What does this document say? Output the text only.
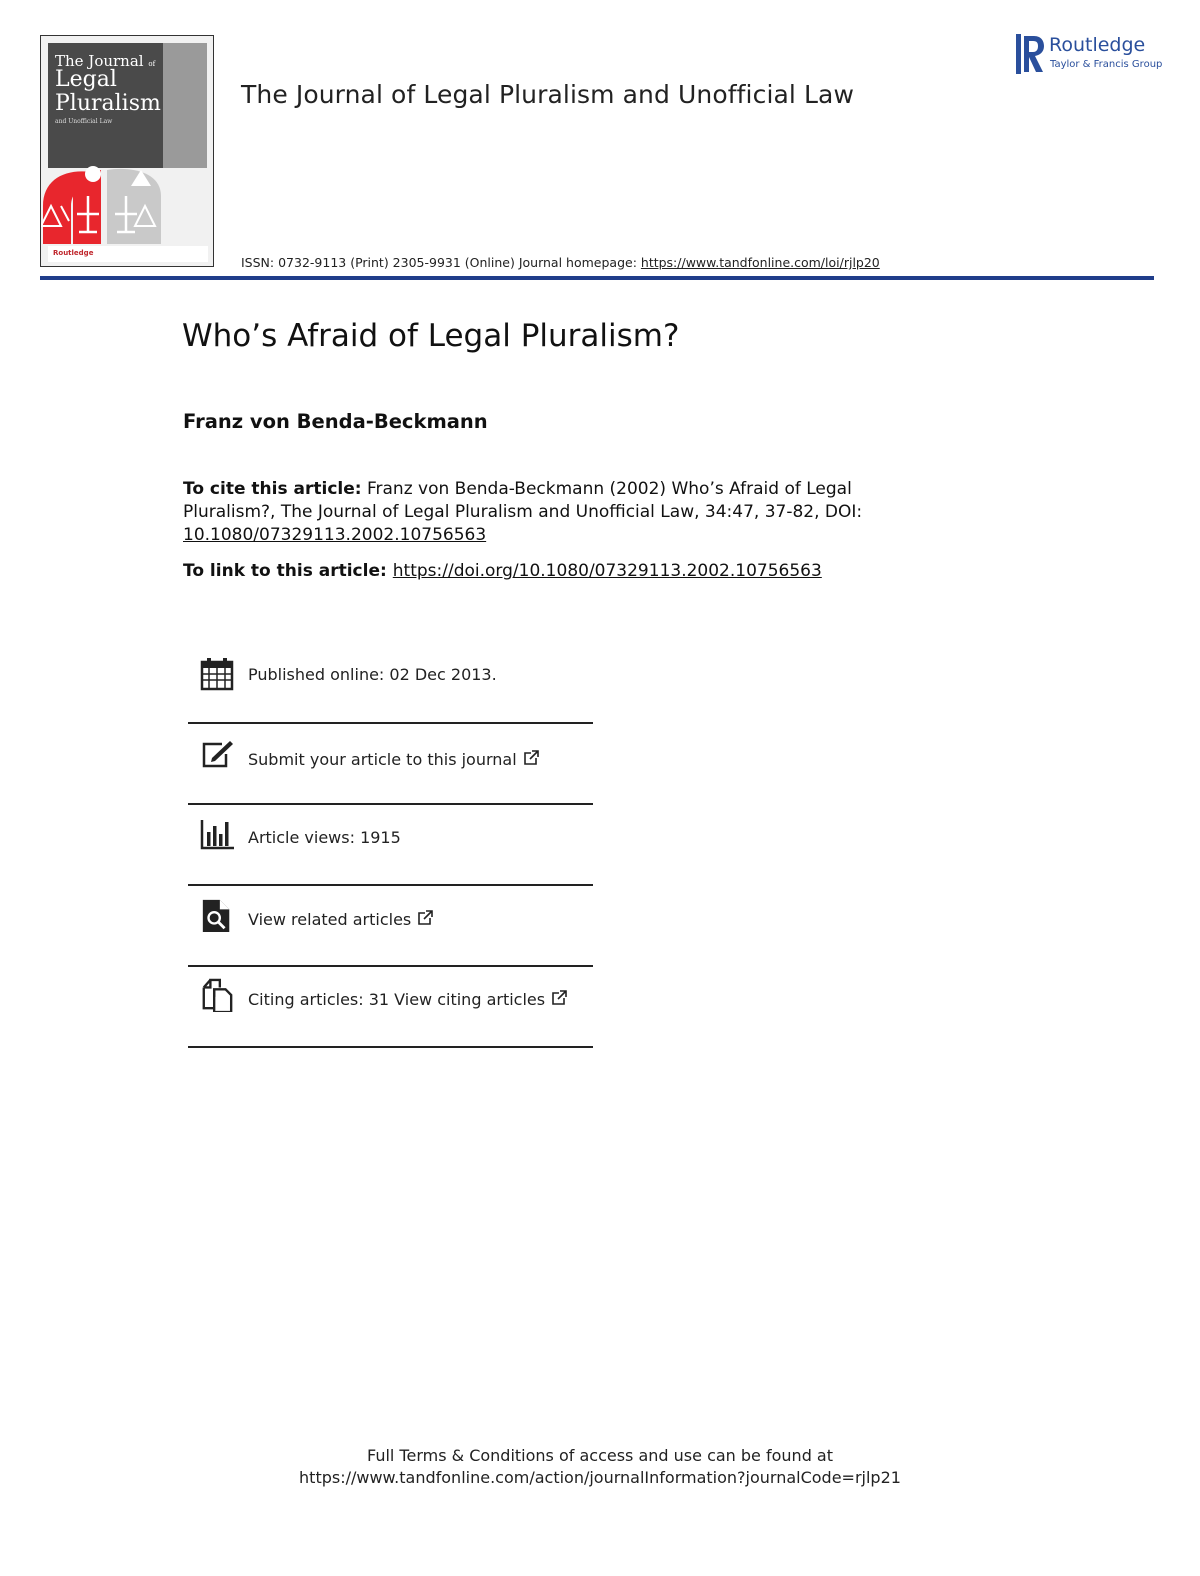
The Journal of
Legal
Pluralism
and Unofficial Law
Routledge
The Journal of Legal Pluralism and Unofficial Law
ISSN: 0732-9113 (Print) 2305-9931 (Online) Journal homepage: https://www.tandfonline.com/loi/rjlp20
Routledge
Taylor & Francis Group
Who’s Afraid of Legal Pluralism?
Franz von Benda-Beckmann
To cite this article: Franz von Benda-Beckmann (2002) Who’s Afraid of Legal Pluralism?, The Journal of Legal Pluralism and Unofficial Law, 34:47, 37-82, DOI: 10.1080/07329113.2002.10756563
To link to this article: https://doi.org/10.1080/07329113.2002.10756563
Published online: 02 Dec 2013.
Submit your article to this journal
Article views: 1915
View related articles
Citing articles: 31 View citing articles
Full Terms & Conditions of access and use can be found at
https://www.tandfonline.com/action/journalInformation?journalCode=rjlp21
